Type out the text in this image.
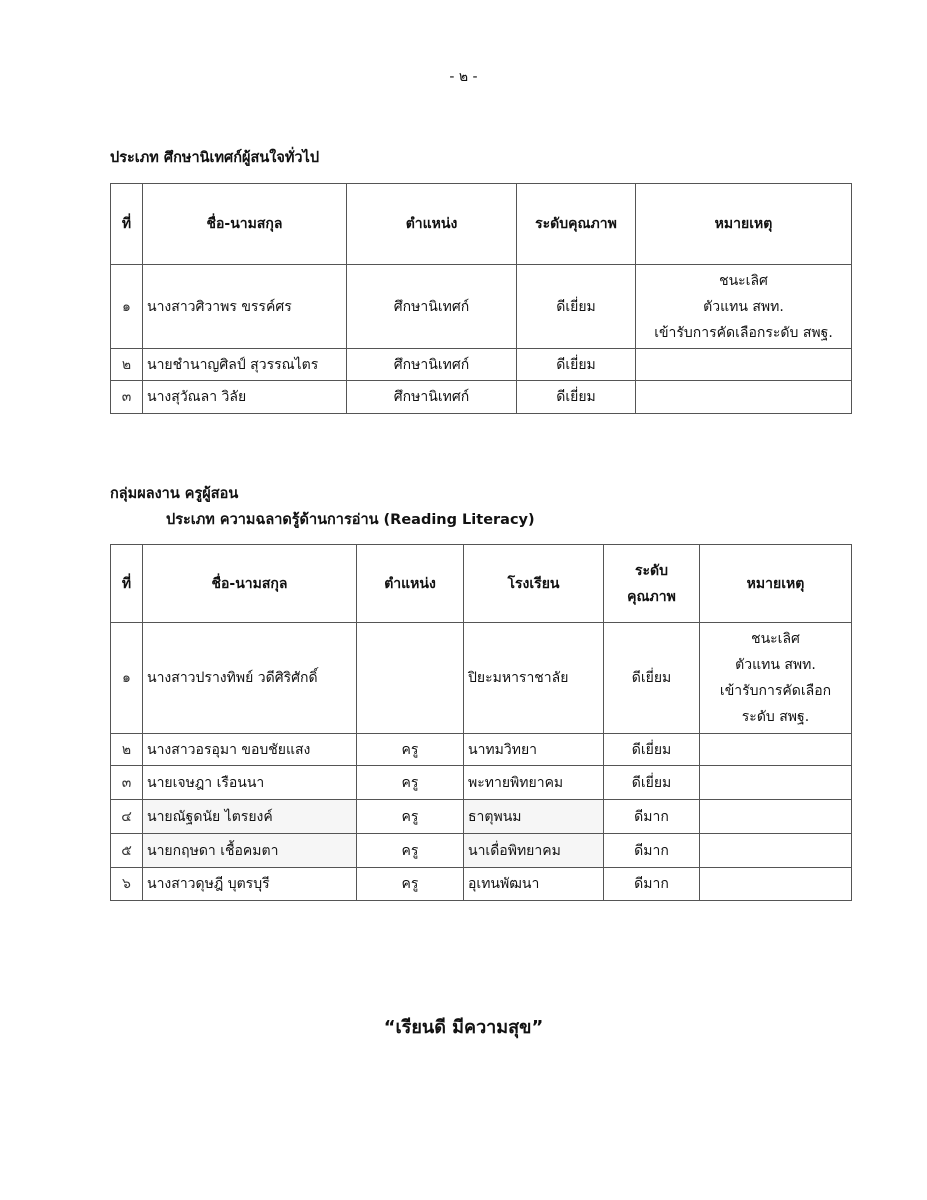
- ๒ -
ประเภท ศึกษานิเทศก์ผู้สนใจทั่วไป
ที่	ชื่อ-นามสกุล	ตำแหน่ง	ระดับคุณภาพ	หมายเหตุ
๑	นางสาวศิวาพร ขรรค์ศร	ศึกษานิเทศก์	ดีเยี่ยม	ชนะเลิศ
ตัวแทน สพท.
เข้ารับการคัดเลือกระดับ สพฐ.

๒	นายชำนาญศิลป์ สุวรรณไตร	ศึกษานิเทศก์	ดีเยี่ยม	
๓	นางสุวัณลา วิลัย	ศึกษานิเทศก์	ดีเยี่ยม	
กลุ่มผลงาน ครูผู้สอน
ประเภท ความฉลาดรู้ด้านการอ่าน (Reading Literacy)
ที่	ชื่อ-นามสกุล	ตำแหน่ง	โรงเรียน	ระดับ
คุณภาพ	หมายเหตุ
๑	นางสาวปรางทิพย์ วดีศิริศักดิ์		ปิยะมหาราชาลัย	ดีเยี่ยม	ชนะเลิศ
ตัวแทน สพท.
เข้ารับการคัดเลือก
ระดับ สพฐ.

๒	นางสาวอรอุมา ขอบชัยแสง	ครู	นาทมวิทยา	ดีเยี่ยม	
๓	นายเจษฎา เรือนนา	ครู	พะทายพิทยาคม	ดีเยี่ยม	
๔	นายณัฐดนัย ไตรยงค์	ครู	ธาตุพนม	ดีมาก	
๕	นายกฤษดา เชื้อคมตา	ครู	นาเดื่อพิทยาคม	ดีมาก	
๖	นางสาวดุษฎี บุตรบุรี	ครู	อุเทนพัฒนา	ดีมาก	
“เรียนดี มีความสุข”
